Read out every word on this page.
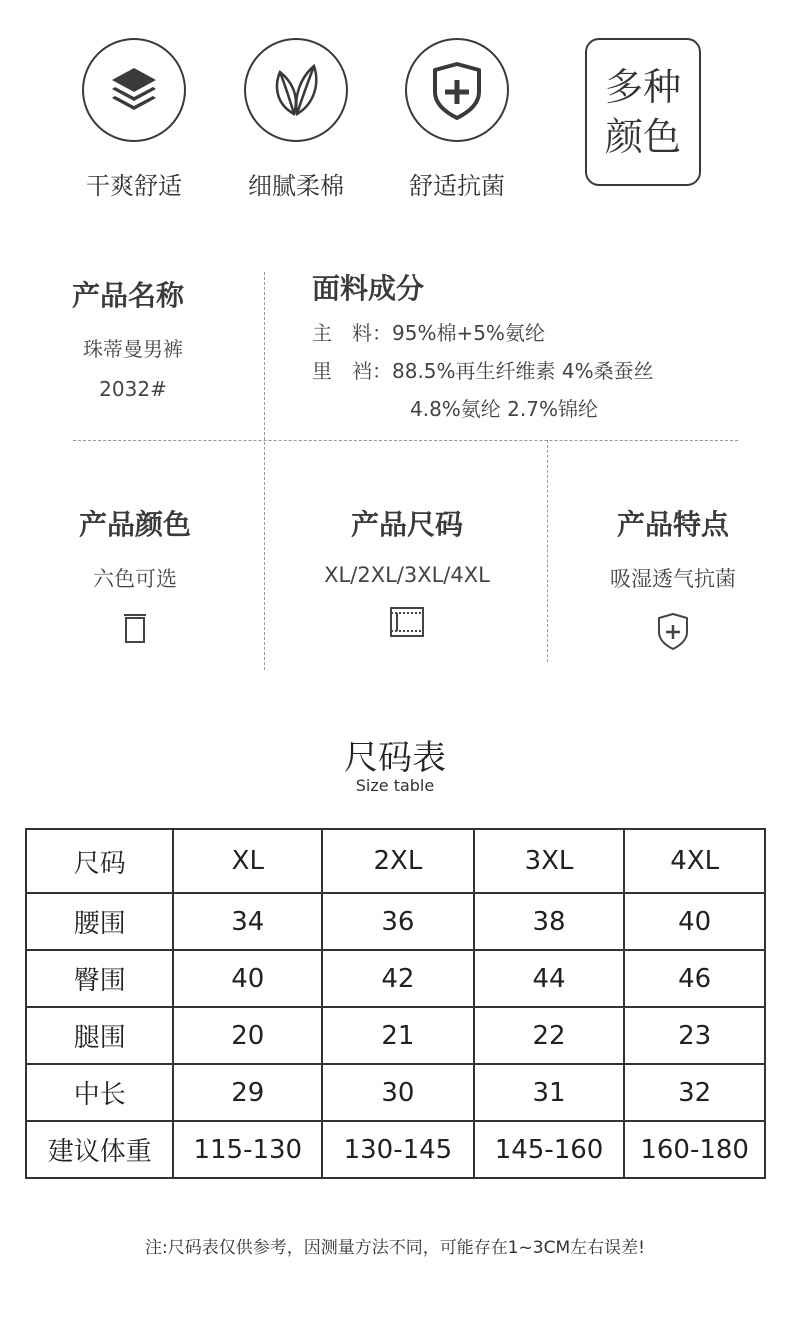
干爽舒适	细腻柔棉	舒适抗菌
多种
颜色
产品名称
珠蒂曼男裤
2032#
面料成分
主　料：95%棉+5%氨纶
里　裆：88.5%再生纤维素 4%桑蚕丝
4.8%氨纶 2.7%锦纶
产品颜色
六色可选
产品尺码
XL/2XL/3XL/4XL
产品特点
吸湿透气抗菌
尺码表
Size table
尺码	XL	2XL	3XL	4XL
腰围	34	36	38	40
臀围	40	42	44	46
腿围	20	21	22	23
中长	29	30	31	32
建议体重	115-130	130-145	145-160	160-180
注:尺码表仅供参考，因测量方法不同，可能存在1~3CM左右误差!
